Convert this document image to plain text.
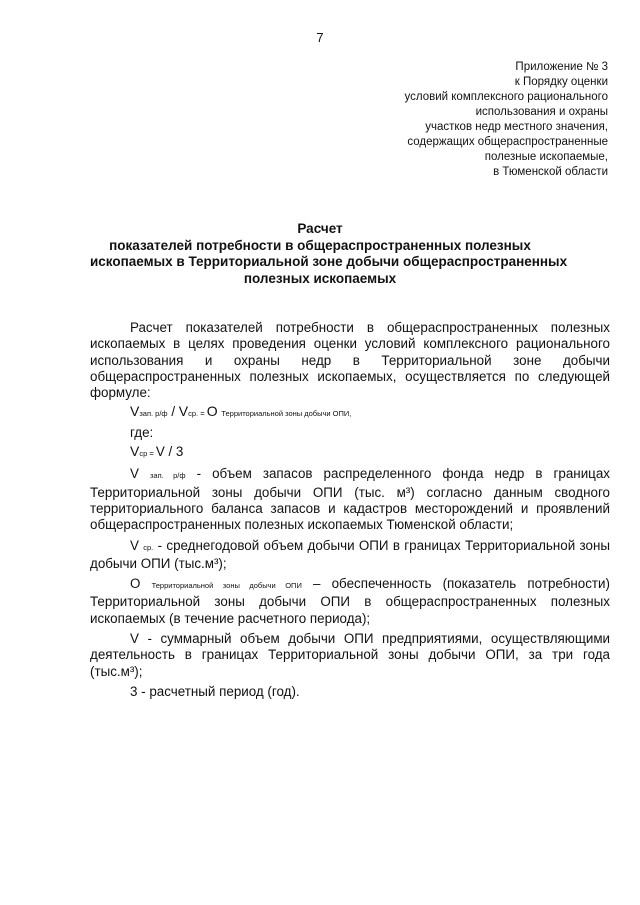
7
Приложение № 3
к Порядку оценки
условий комплексного рационального
использования и охраны
участков недр местного значения,
содержащих общераспространенные
полезные ископаемые,
в Тюменской области
Расчет
показателей потребности в общераспространенных полезных
ископаемых в Территориальной зоне добычи общераспространенных
полезных ископаемых

Расчет показателей потребности в общераспространенных полезных ископаемых в целях проведения оценки условий комплексного рационального использования и охраны недр в Территориальной зоне добычи общераспространенных полезных ископаемых, осуществляется по следующей формуле:

Vзап. р/ф / Vср. = О Территориальной зоны добычи ОПИ,
где:
Vср = V / 3

V зап. р/ф - объем запасов распределенного фонда недр в границах Территориальной зоны добычи ОПИ (тыс. м³) согласно данным сводного территориального баланса запасов и кадастров месторождений и проявлений общераспространенных полезных ископаемых Тюменской области;

V ср. - среднегодовой объем добычи ОПИ в границах Территориальной зоны добычи ОПИ (тыс.м³);

О Территориальной зоны добычи ОПИ – обеспеченность (показатель потребности) Территориальной зоны добычи ОПИ в общераспространенных полезных ископаемых (в течение расчетного периода);

V - суммарный объем добычи ОПИ предприятиями, осуществляющими деятельность в границах Территориальной зоны добычи ОПИ, за три года (тыс.м³);

3 - расчетный период (год).
